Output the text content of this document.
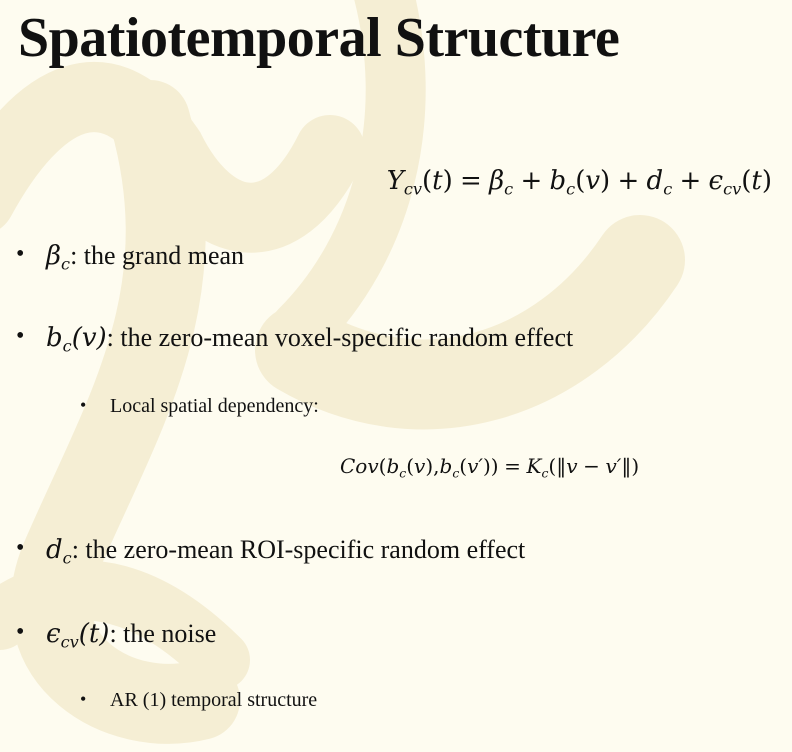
Spatiotemporal Structure
$Y_{cv}(t) = \beta_c + b_c(v) + d_c + \epsilon_{cv}(t)$
• $\beta_c$: the grand mean
• $b_c(v)$: the zero-mean voxel-specific random effect
• Local spatial dependency:
$Cov(b_c(v),b_c(v'))$ = $K_c(‖v$ − v′‖)
• $d_c$: the zero-mean ROI-specific random effect
• $\epsilon_{cv}(t)$: the noise
• AR (1) temporal structure
